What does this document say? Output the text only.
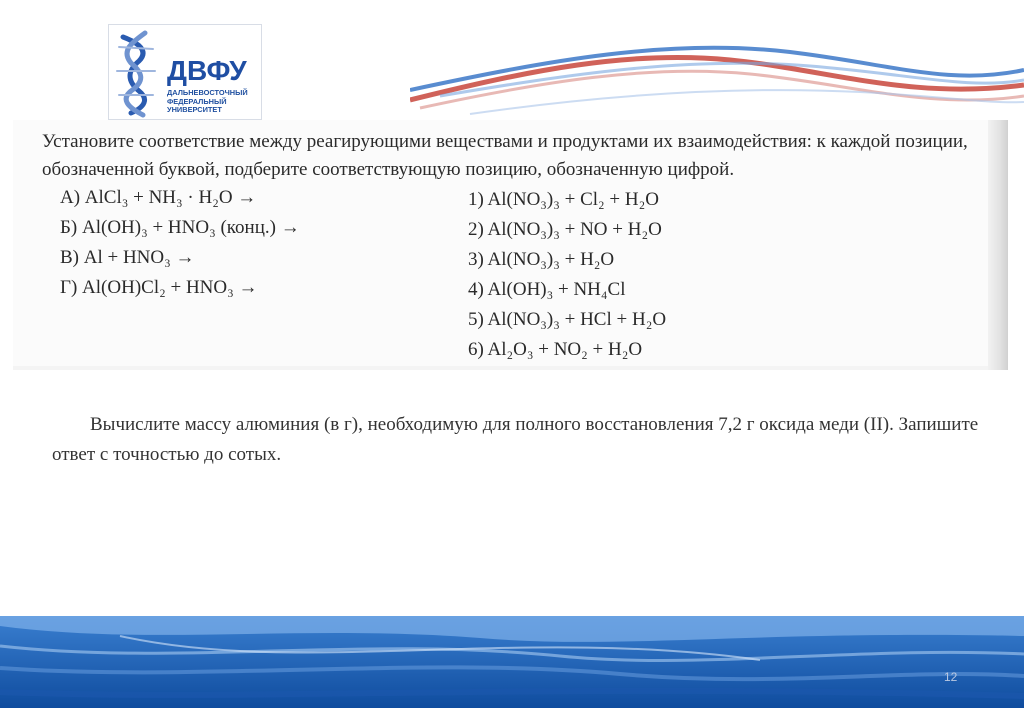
ДВФУ
ДАЛЬНЕВОСТОЧНЫЙ ФЕДЕРАЛЬНЫЙ УНИВЕРСИТЕТ
Установите соответствие между реагирующими веществами и продуктами их взаимодействия: к каждой позиции, обозначенной буквой, подберите соответствующую позицию, обозначенную цифрой.
А) AlCl₃ + NH₃ · H₂O →
Б) Al(OH)₃ + HNO₃ (конц.) →
В) Al + HNO₃ →
Г) Al(OH)Cl₂ + HNO₃ →
1) Al(NO₃)₃ + Cl₂ + H₂O
2) Al(NO₃)₃ + NO + H₂O
3) Al(NO₃)₃ + H₂O
4) Al(OH)₃ + NH₄Cl
5) Al(NO₃)₃ + HCl + H₂O
6) Al₂O₃ + NO₂ + H₂O
Вычислите массу алюминия (в г), необходимую для полного восстановления 7,2 г оксида меди (II). Запишите ответ с точностью до сотых.
12
